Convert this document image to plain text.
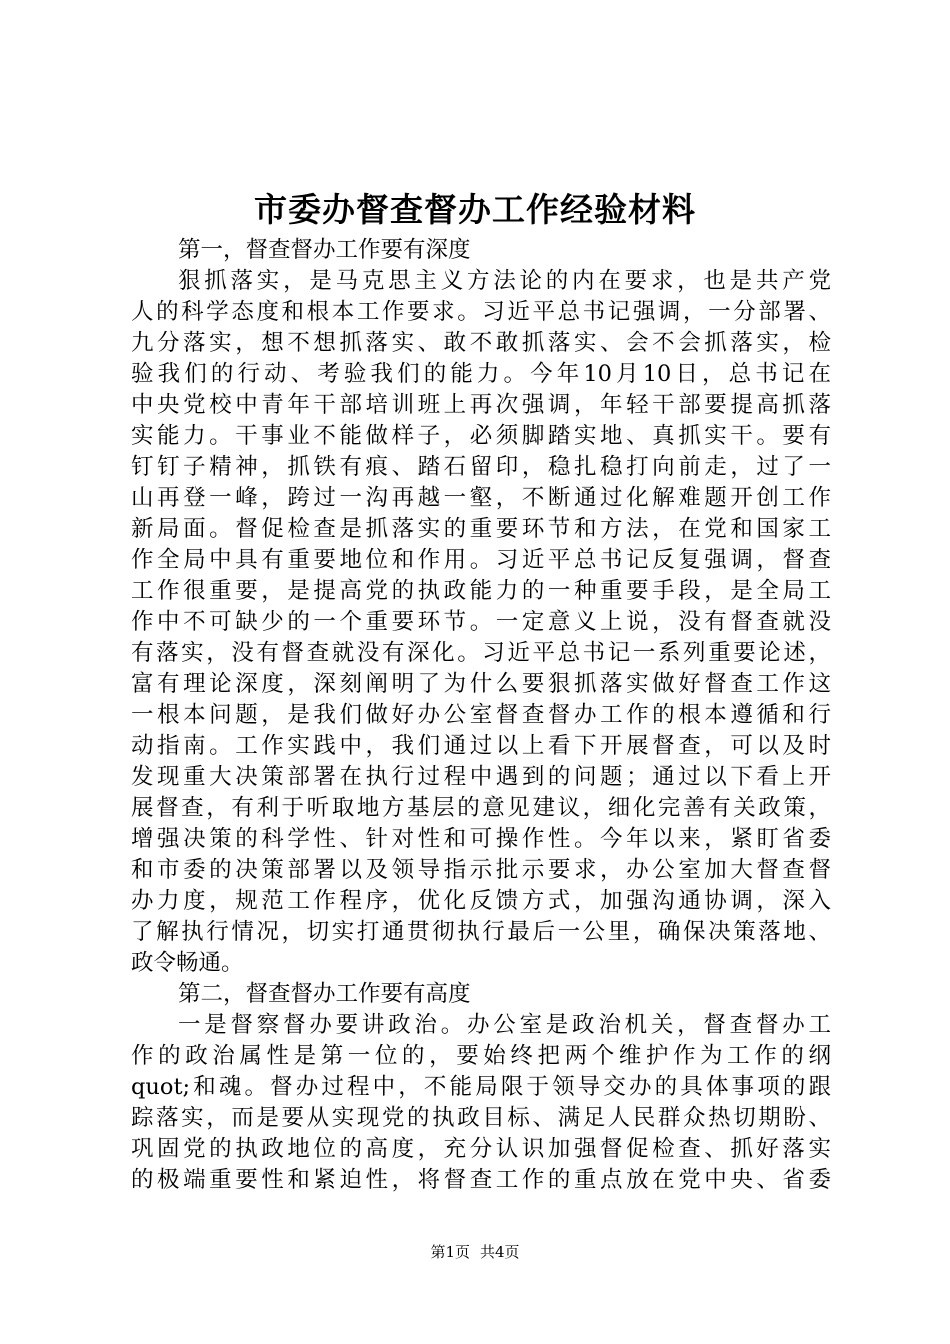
市委办督查督办工作经验材料
第一，督查督办工作要有深度
狠抓落实，是马克思主义方法论的内在要求，也是共产党
人的科学态度和根本工作要求。习近平总书记强调，一分部署、
九分落实，想不想抓落实、敢不敢抓落实、会不会抓落实，检
验我们的行动、考验我们的能力。今年10月10日，总书记在
中央党校中青年干部培训班上再次强调，年轻干部要提高抓落
实能力。干事业不能做样子，必须脚踏实地、真抓实干。要有
钉钉子精神，抓铁有痕、踏石留印，稳扎稳打向前走，过了一
山再登一峰，跨过一沟再越一壑，不断通过化解难题开创工作
新局面。督促检查是抓落实的重要环节和方法，在党和国家工
作全局中具有重要地位和作用。习近平总书记反复强调，督查
工作很重要，是提高党的执政能力的一种重要手段，是全局工
作中不可缺少的一个重要环节。一定意义上说，没有督查就没
有落实，没有督查就没有深化。习近平总书记一系列重要论述，
富有理论深度，深刻阐明了为什么要狠抓落实做好督查工作这
一根本问题，是我们做好办公室督查督办工作的根本遵循和行
动指南。工作实践中，我们通过以上看下开展督查，可以及时
发现重大决策部署在执行过程中遇到的问题；通过以下看上开
展督查，有利于听取地方基层的意见建议，细化完善有关政策，
增强决策的科学性、针对性和可操作性。今年以来，紧盯省委
和市委的决策部署以及领导指示批示要求，办公室加大督查督
办力度，规范工作程序，优化反馈方式，加强沟通协调，深入
了解执行情况，切实打通贯彻执行最后一公里，确保决策落地、
政令畅通。
第二，督查督办工作要有高度
一是督察督办要讲政治。办公室是政治机关，督查督办工
作的政治属性是第一位的，要始终把两个维护作为工作的纲
quot;和魂。督办过程中，不能局限于领导交办的具体事项的跟
踪落实，而是要从实现党的执政目标、满足人民群众热切期盼、
巩固党的执政地位的高度，充分认识加强督促检查、抓好落实
的极端重要性和紧迫性，将督查工作的重点放在党中央、省委
第1页 共4页
